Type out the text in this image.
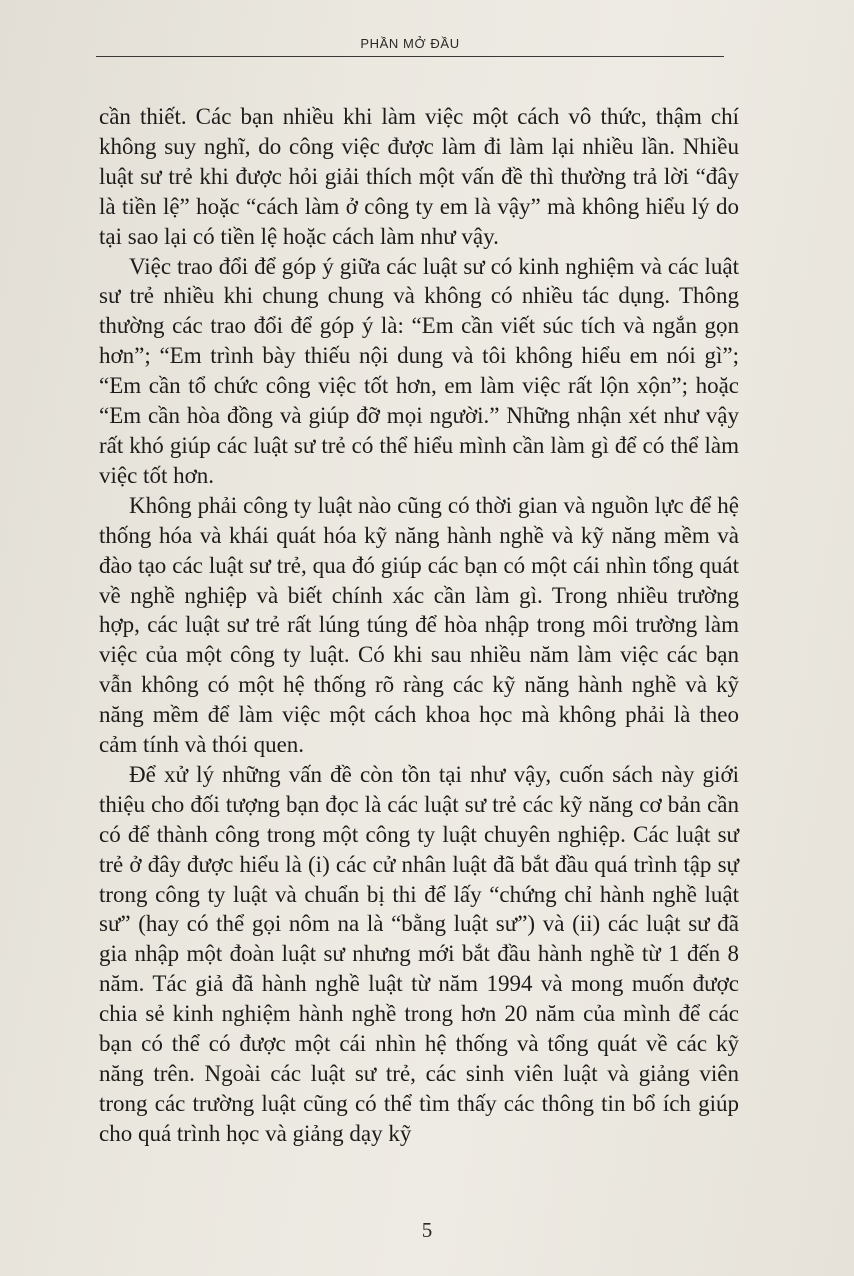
PHẦN MỞ ĐẦU

cần thiết. Các bạn nhiều khi làm việc một cách vô thức, thậm chí không suy nghĩ, do công việc được làm đi làm lại nhiều lần. Nhiều luật sư trẻ khi được hỏi giải thích một vấn đề thì thường trả lời “đây là tiền lệ” hoặc “cách làm ở công ty em là vậy” mà không hiểu lý do tại sao lại có tiền lệ hoặc cách làm như vậy.

Việc trao đổi để góp ý giữa các luật sư có kinh nghiệm và các luật sư trẻ nhiều khi chung chung và không có nhiều tác dụng. Thông thường các trao đổi để góp ý là: “Em cần viết súc tích và ngắn gọn hơn”; “Em trình bày thiếu nội dung và tôi không hiểu em nói gì”; “Em cần tổ chức công việc tốt hơn, em làm việc rất lộn xộn”; hoặc “Em cần hòa đồng và giúp đỡ mọi người.” Những nhận xét như vậy rất khó giúp các luật sư trẻ có thể hiểu mình cần làm gì để có thể làm việc tốt hơn.

Không phải công ty luật nào cũng có thời gian và nguồn lực để hệ thống hóa và khái quát hóa kỹ năng hành nghề và kỹ năng mềm và đào tạo các luật sư trẻ, qua đó giúp các bạn có một cái nhìn tổng quát về nghề nghiệp và biết chính xác cần làm gì. Trong nhiều trường hợp, các luật sư trẻ rất lúng túng để hòa nhập trong môi trường làm việc của một công ty luật. Có khi sau nhiều năm làm việc các bạn vẫn không có một hệ thống rõ ràng các kỹ năng hành nghề và kỹ năng mềm để làm việc một cách khoa học mà không phải là theo cảm tính và thói quen.

Để xử lý những vấn đề còn tồn tại như vậy, cuốn sách này giới thiệu cho đối tượng bạn đọc là các luật sư trẻ các kỹ năng cơ bản cần có để thành công trong một công ty luật chuyên nghiệp. Các luật sư trẻ ở đây được hiểu là (i) các cử nhân luật đã bắt đầu quá trình tập sự trong công ty luật và chuẩn bị thi để lấy “chứng chỉ hành nghề luật sư” (hay có thể gọi nôm na là “bằng luật sư”) và (ii) các luật sư đã gia nhập một đoàn luật sư nhưng mới bắt đầu hành nghề từ 1 đến 8 năm. Tác giả đã hành nghề luật từ năm 1994 và mong muốn được chia sẻ kinh nghiệm hành nghề trong hơn 20 năm của mình để các bạn có thể có được một cái nhìn hệ thống và tổng quát về các kỹ năng trên. Ngoài các luật sư trẻ, các sinh viên luật và giảng viên trong các trường luật cũng có thể tìm thấy các thông tin bổ ích giúp cho quá trình học và giảng dạy kỹ

5
